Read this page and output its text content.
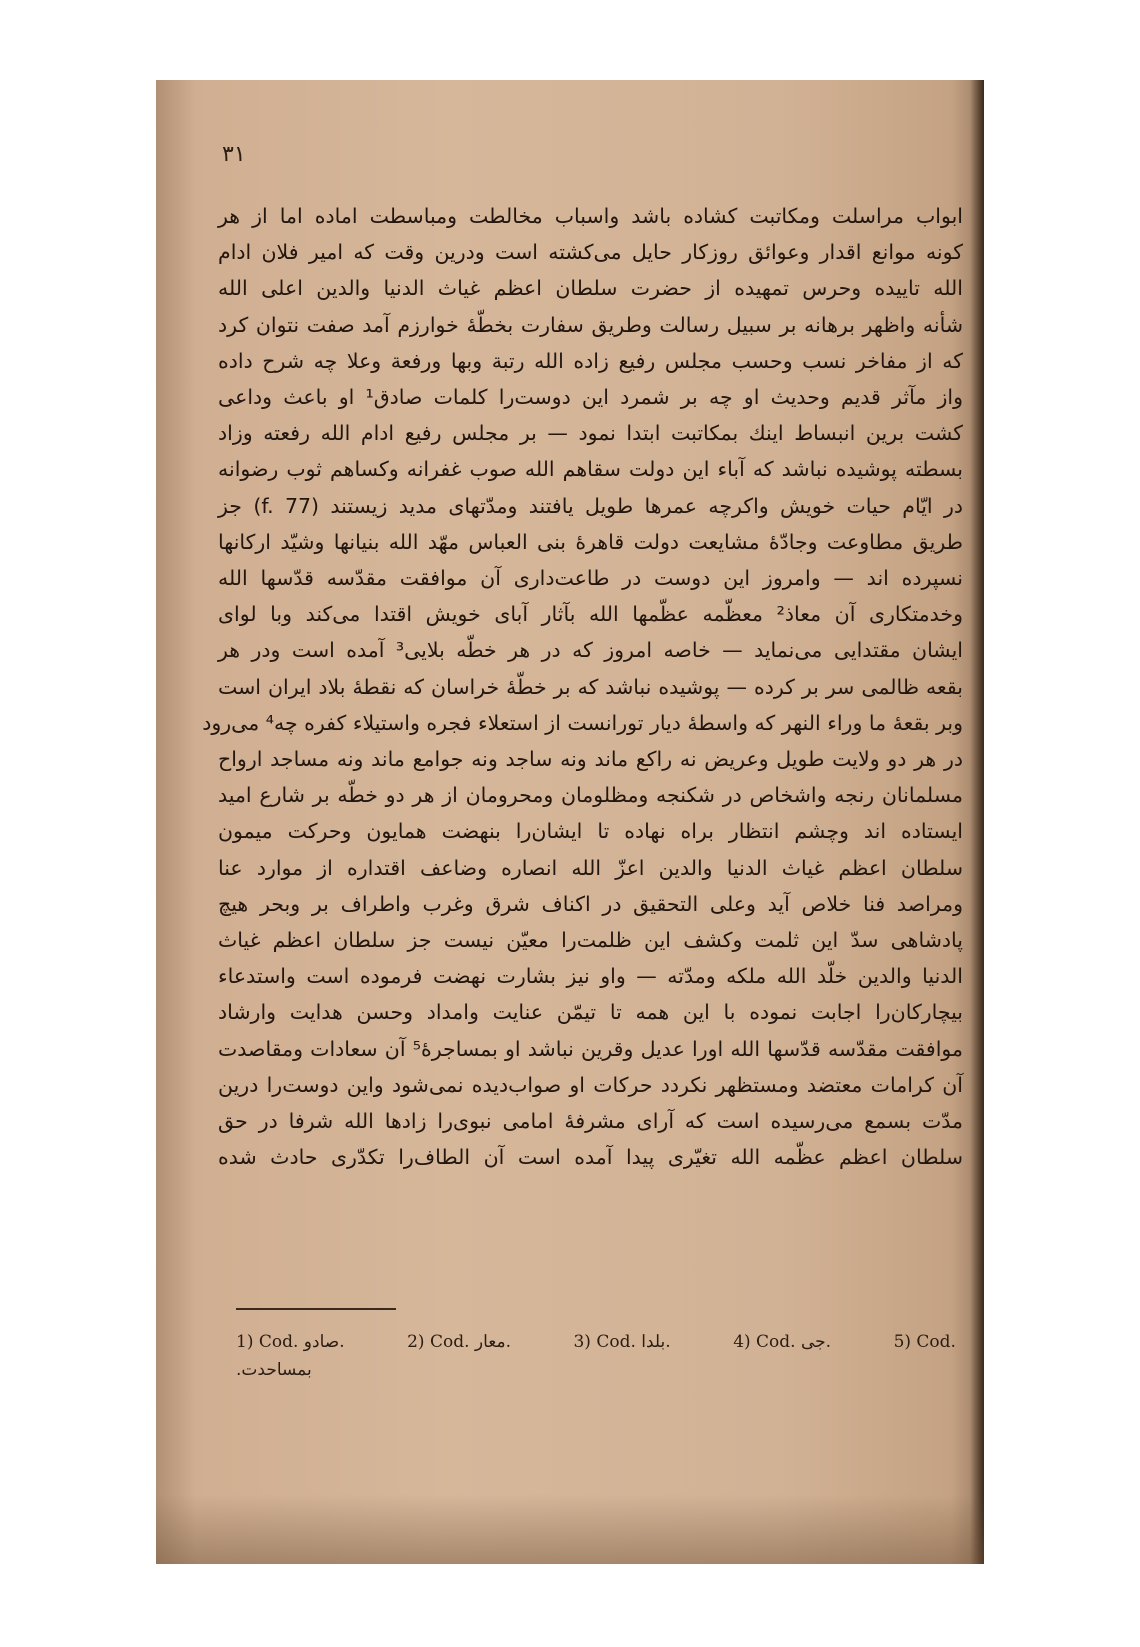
۳۱
ابواب مراسلت ومکاتبت کشاده باشد واسباب مخالطت ومباسطت اماده اما از هر
کونه موانع اقدار وعوائق روزکار حایل می‌کشته است ودرین وقت که امیر فلان ادام
الله تاییده وحرس تمهیده از حضرت سلطان اعظم غیاث الدنیا والدین اعلی الله
شأنه واظهر برهانه بر سبیل رسالت وطریق سفارت بخطّهٔ خوارزم آمد صفت نتوان کرد
که از مفاخر نسب وحسب مجلس رفیع زاده الله رتبة وبها ورفعة وعلا چه شرح داده
واز مآثر قدیم وحدیث او چه بر شمرد این دوست‌را کلمات صادق¹ او باعث وداعی
کشت برین انبساط اینك بمکاتبت ابتدا نمود — بر مجلس رفیع ادام الله رفعته وزاد
بسطته پوشیده نباشد که آباء این دولت سقاهم الله صوب غفرانه وکساهم ثوب رضوانه
در ایّام حیات خویش واکرچه عمرها طویل یافتند ومدّتهای مدید زیستند (f. 77) جز
طریق مطاوعت وجادّهٔ مشایعت دولت قاهرهٔ بنی العباس مهّد الله بنیانها وشیّد ارکانها
نسپرده اند — وامروز این دوست در طاعت‌داری آن موافقت مقدّسه قدّسها الله
وخدمتکاری آن معاذ² معظّمه عظّمها الله بآثار آبای خویش اقتدا می‌کند وبا لوای
ایشان مقتدایی می‌نماید — خاصه امروز که در هر خطّه بلایی³ آمده است ودر هر
بقعه ظالمی سر بر کرده — پوشیده نباشد که بر خطّهٔ خراسان که نقطهٔ بلاد ایران است
وبر بقعهٔ ما وراء النهر که واسطهٔ دیار تورانست از استعلاء فجره واستیلاء کفره چه⁴ می‌رود
در هر دو ولایت طویل وعریض نه راکع ماند ونه ساجد ونه جوامع ماند ونه مساجد ارواح
مسلمانان رنجه واشخاص در شکنجه ومظلومان ومحرومان از هر دو خطّه بر شارع امید
ایستاده اند وچشم انتظار براه نهاده تا ایشان‌را بنهضت همایون وحرکت میمون
سلطان اعظم غیاث الدنیا والدین اعزّ الله انصاره وضاعف اقتداره از موارد عنا
ومراصد فنا خلاص آید وعلی التحقیق در اکناف شرق وغرب واطراف بر وبحر هیچ
پادشاهی سدّ این ثلمت وکشف این ظلمت‌را معیّن نیست جز سلطان اعظم غیاث
الدنیا والدین خلّد الله ملکه ومدّته — واو نیز بشارت نهضت فرموده است واستدعاء
بیچارکان‌را اجابت نموده با این همه تا تیمّن عنایت وامداد وحسن هدایت وارشاد
موافقت مقدّسه قدّسها الله اورا عدیل وقرین نباشد او بمساجرهٔ⁵ آن سعادات ومقاصدت
آن کرامات معتضد ومستظهر نکردد حرکات او صواب‌دیده نمی‌شود واین دوست‌را درین
مدّت بسمع می‌رسیده است که آرای مشرفهٔ امامی نبوی‌را زادها الله شرفا در حق
سلطان اعظم عظّمه الله تغیّری پیدا آمده است آن الطاف‌را تکدّری حادث شده
1) Cod. صادو.	2) Cod. معار.	3) Cod. بلدا.	4) Cod. جی.	5) Cod.
بمساحدت.
